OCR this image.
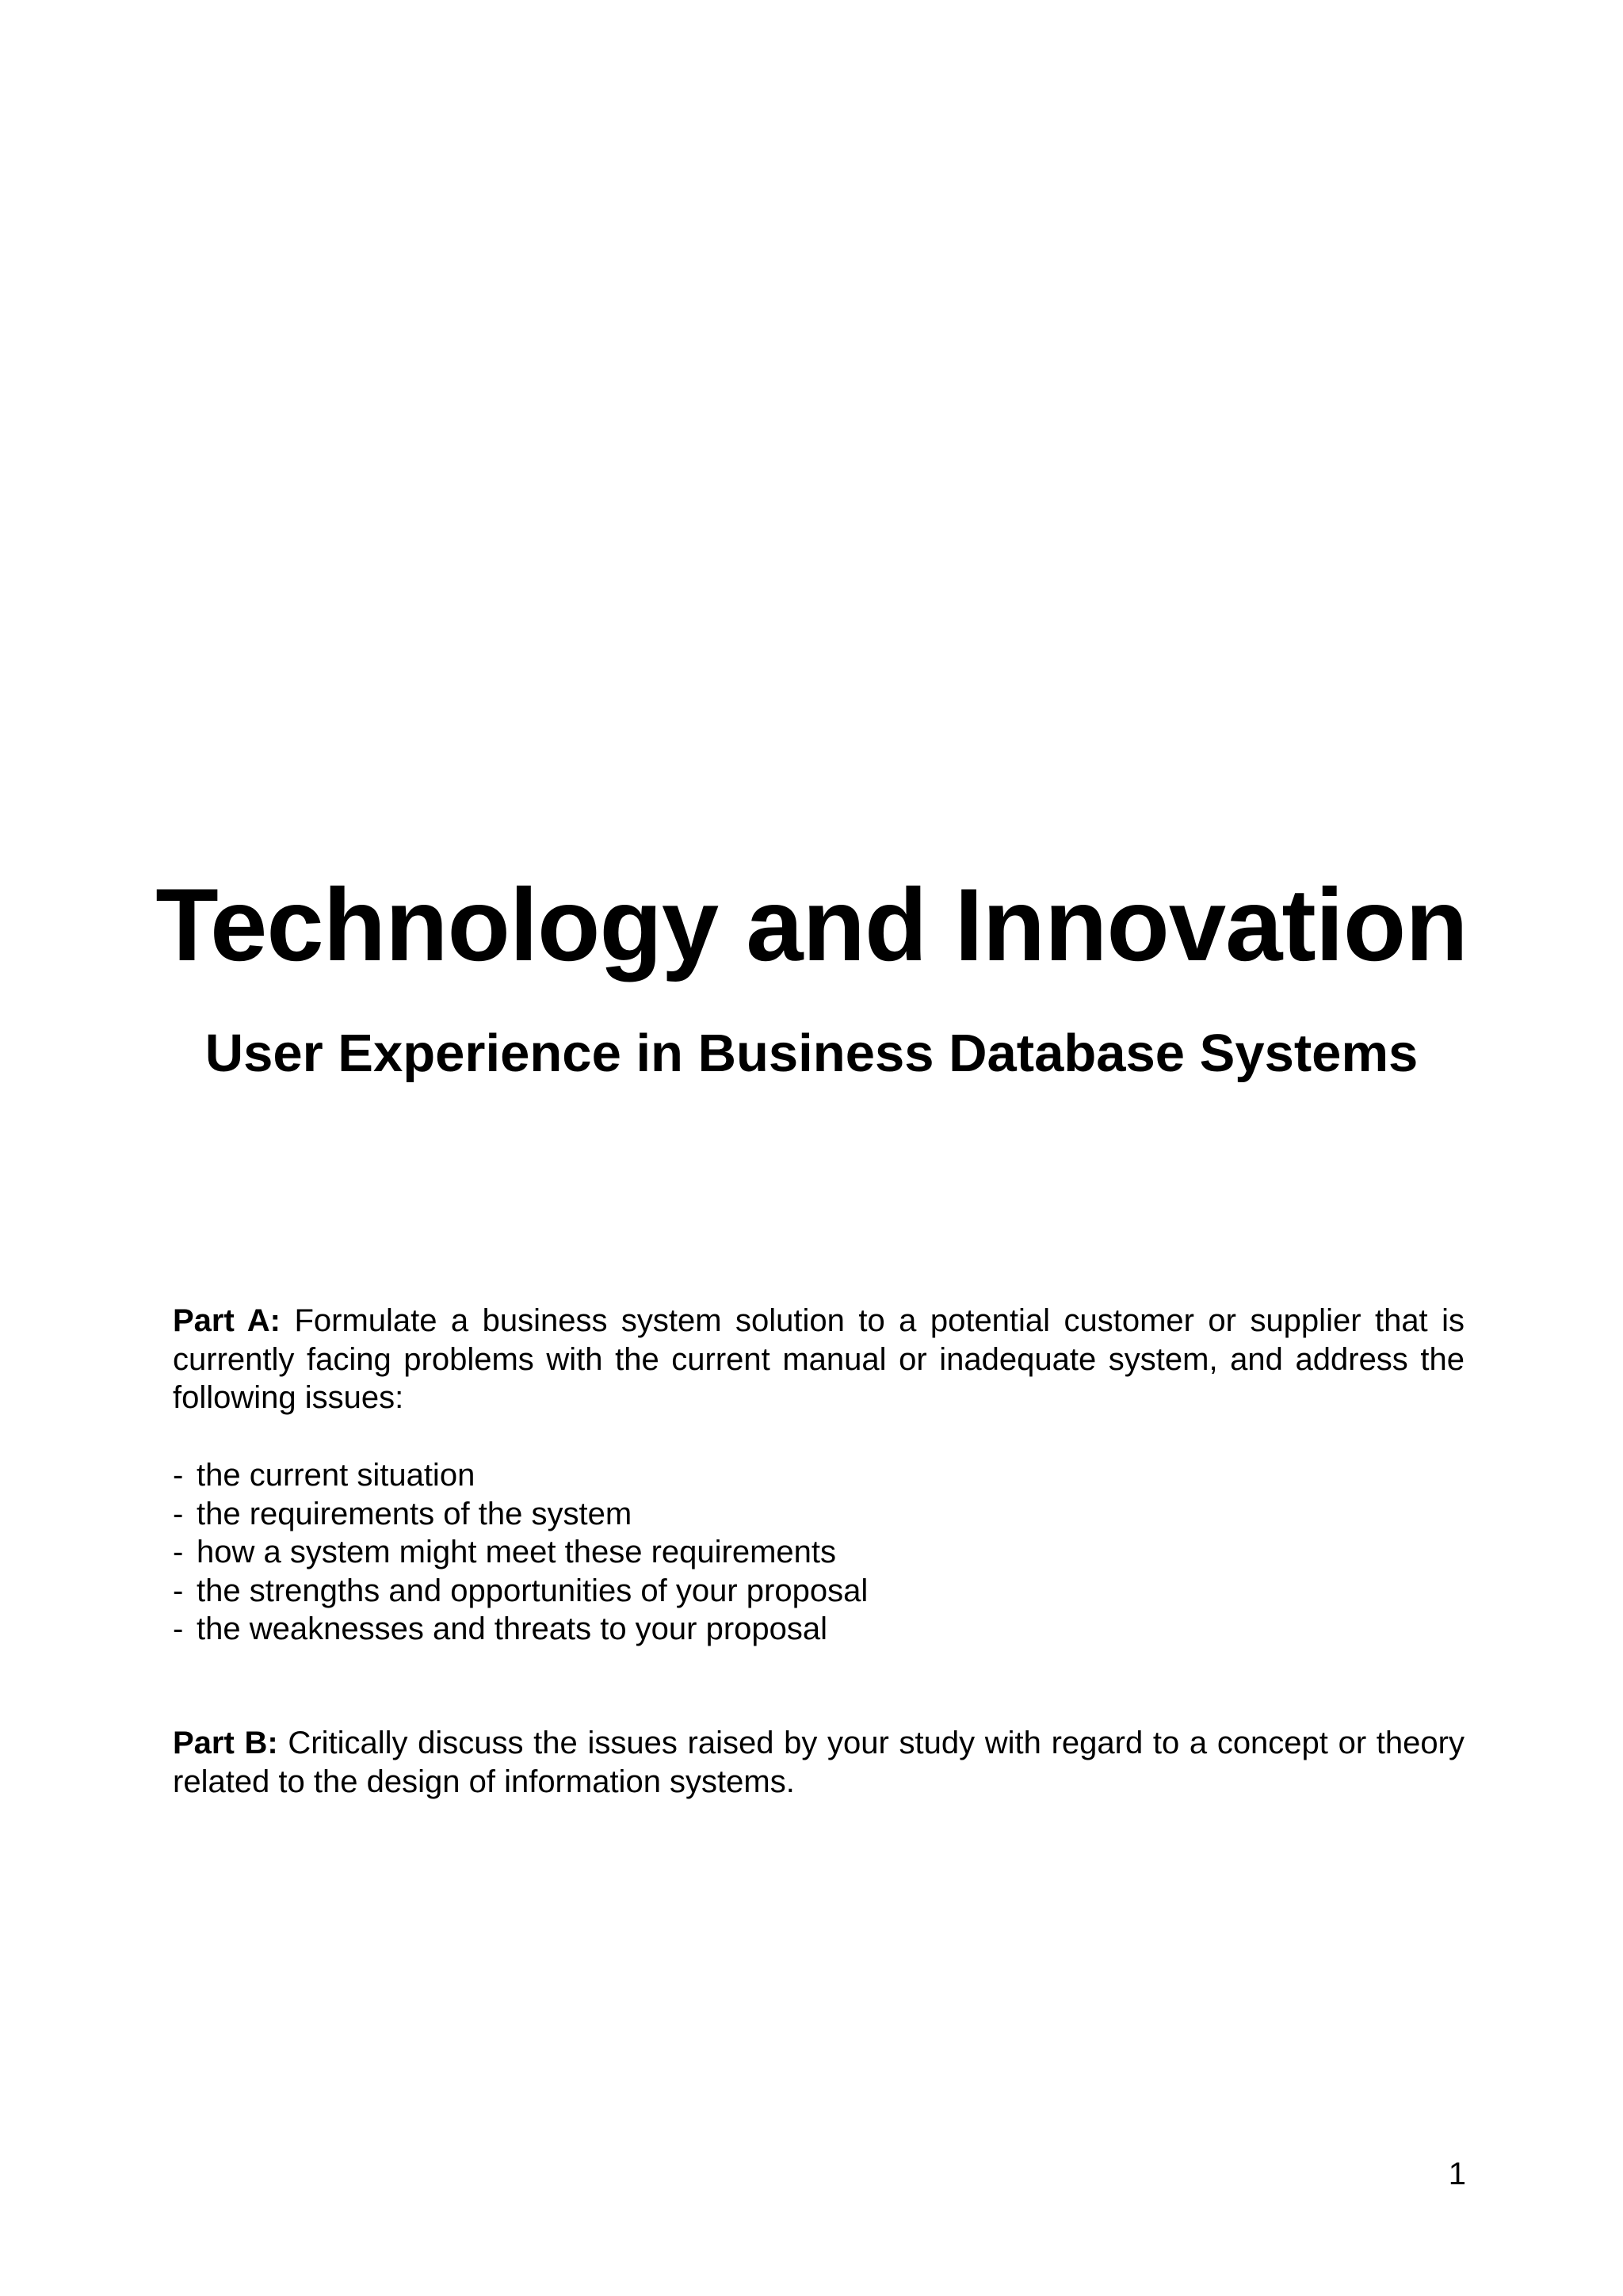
Technology and Innovation
User Experience in Business Database Systems

Part A: Formulate a business system solution to a potential customer or supplier that is currently facing problems with the current manual or inadequate system, and address the following issues:

- the current situation
- the requirements of the system
- how a system might meet these requirements
- the strengths and opportunities of your proposal
- the weaknesses and threats to your proposal

Part B: Critically discuss the issues raised by your study with regard to a concept or theory related to the design of information systems.

1
